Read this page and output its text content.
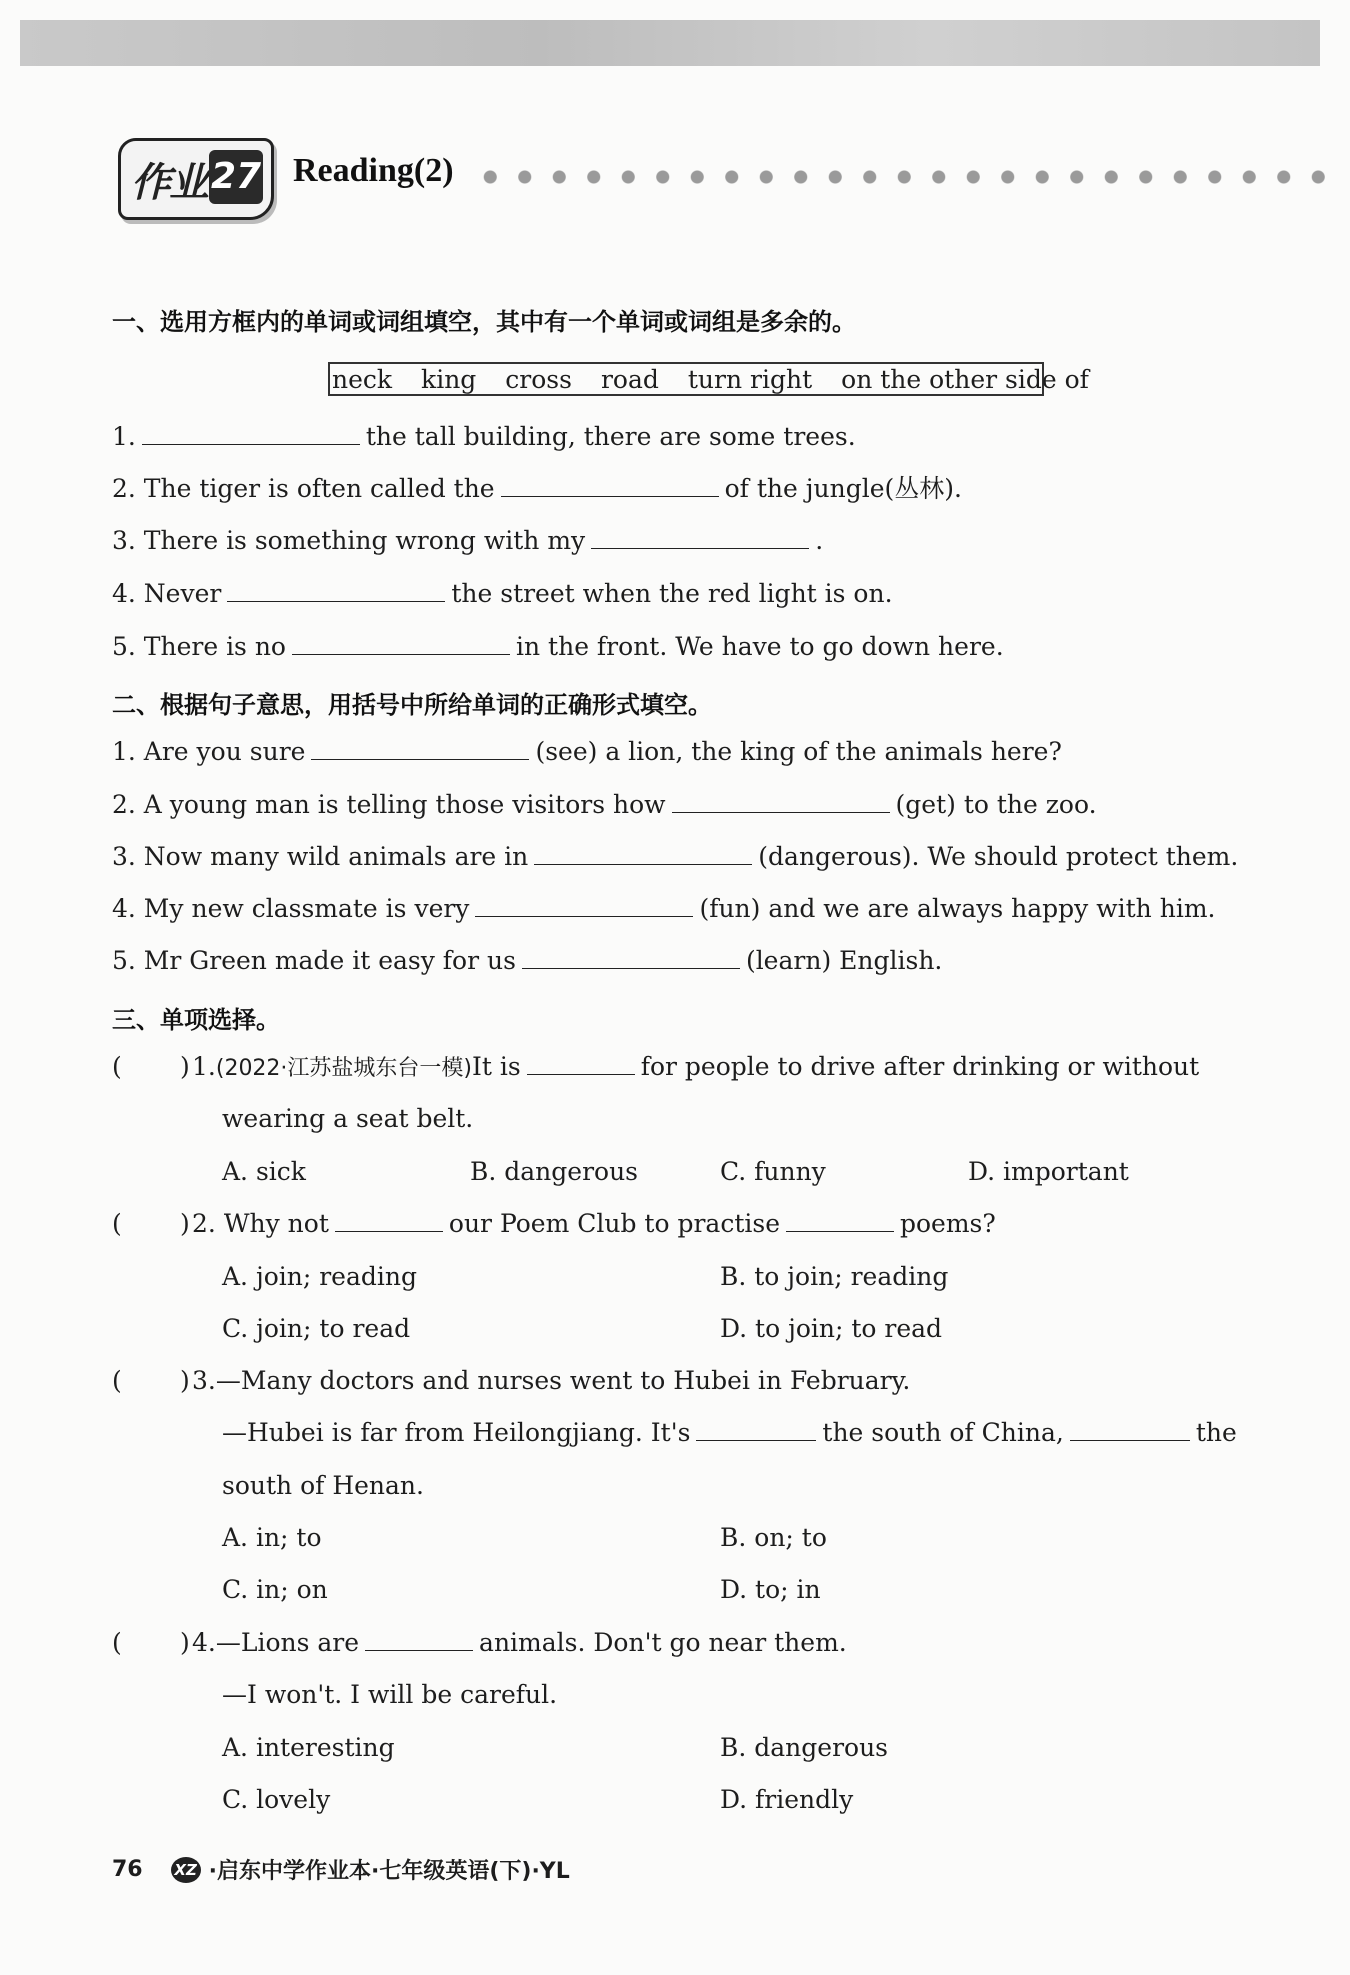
作业 27 Reading(2)
一、选用方框内的单词或词组填空，其中有一个单词或词组是多余的。
neck king cross road turn right on the other side of
1.	the tall building, there are some trees.
2. The tiger is often called the	of the jungle(丛林).
3. There is something wrong with my	.
4. Never	the street when the red light is on.
5. There is no	in the front. We have to go down here.
二、根据句子意思，用括号中所给单词的正确形式填空。
1. Are you sure	(see) a lion, the king of the animals here?
2. A young man is telling those visitors how	(get) to the zoo.
3. Now many wild animals are in	(dangerous). We should protect them.
4. My new classmate is very	(fun) and we are always happy with him.
5. Mr Green made it easy for us	(learn) English.
三、单项选择。
( ) 1.(2022·江苏盐城东台一模)It is	for people to drive after drinking or without
wearing a seat belt.
A. sick	B. dangerous	C. funny	D. important
( ) 2. Why not	our Poem Club to practise	poems?
A. join; reading	B. to join; reading
C. join; to read	D. to join; to read
( ) 3.—Many doctors and nurses went to Hubei in February.
—Hubei is far from Heilongjiang. It's	the south of China,	the
south of Henan.
A. in; to	B. on; to
C. in; on	D. to; in
( ) 4.—Lions are	animals. Don't go near them.
—I won't. I will be careful.
A. interesting	B. dangerous
C. lovely	D. friendly
76 XZ ·启东中学作业本·七年级英语(下)·YL
